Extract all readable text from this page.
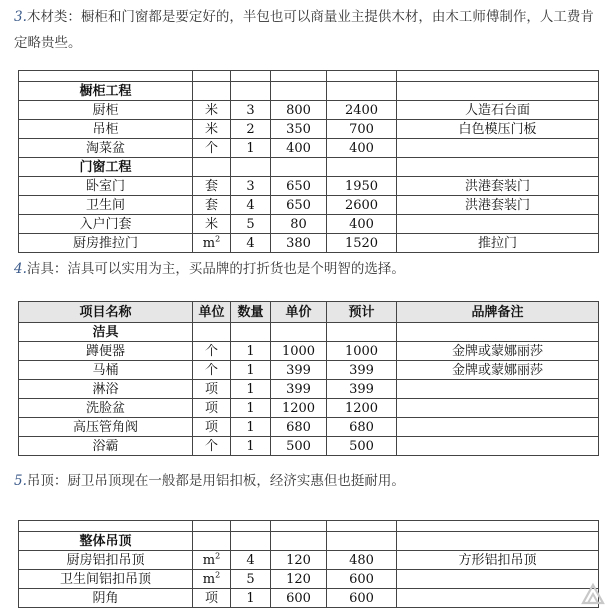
3.木材类：橱柜和门窗都是要定好的，半包也可以商量业主提供木材，由木工师傅制作，人工费肯定略贵些。

橱柜工程					
厨柜	米	3	800	2400	人造石台面
吊柜	米	2	350	700	白色模压门板
淘菜盆	个	1	400	400	
门窗工程					
卧室门	套	3	650	1950	洪港套装门
卫生间	套	4	650	2600	洪港套装门
入户门套	米	5	80	400	
厨房推拉门	$m^2$	4	380	1520	推拉门
4.洁具：洁具可以实用为主，买品牌的打折货也是个明智的选择。
项目名称	单位	数量	单价	预计	品牌备注
洁具					
蹲便器	个	1	1000	1000	金牌或蒙娜丽莎
马桶	个	1	399	399	金牌或蒙娜丽莎
淋浴	项	1	399	399	
洗脸盆	项	1	1200	1200	
高压管角阀	项	1	680	680	
浴霸	个	1	500	500	
5.吊顶：厨卫吊顶现在一般都是用铝扣板，经济实惠但也挺耐用。

整体吊顶					
厨房铝扣吊顶	$m^2$	4	120	480	方形铝扣吊顶
卫生间铝扣吊顶	$m^2$	5	120	600	
阴角	项	1	600	600	
